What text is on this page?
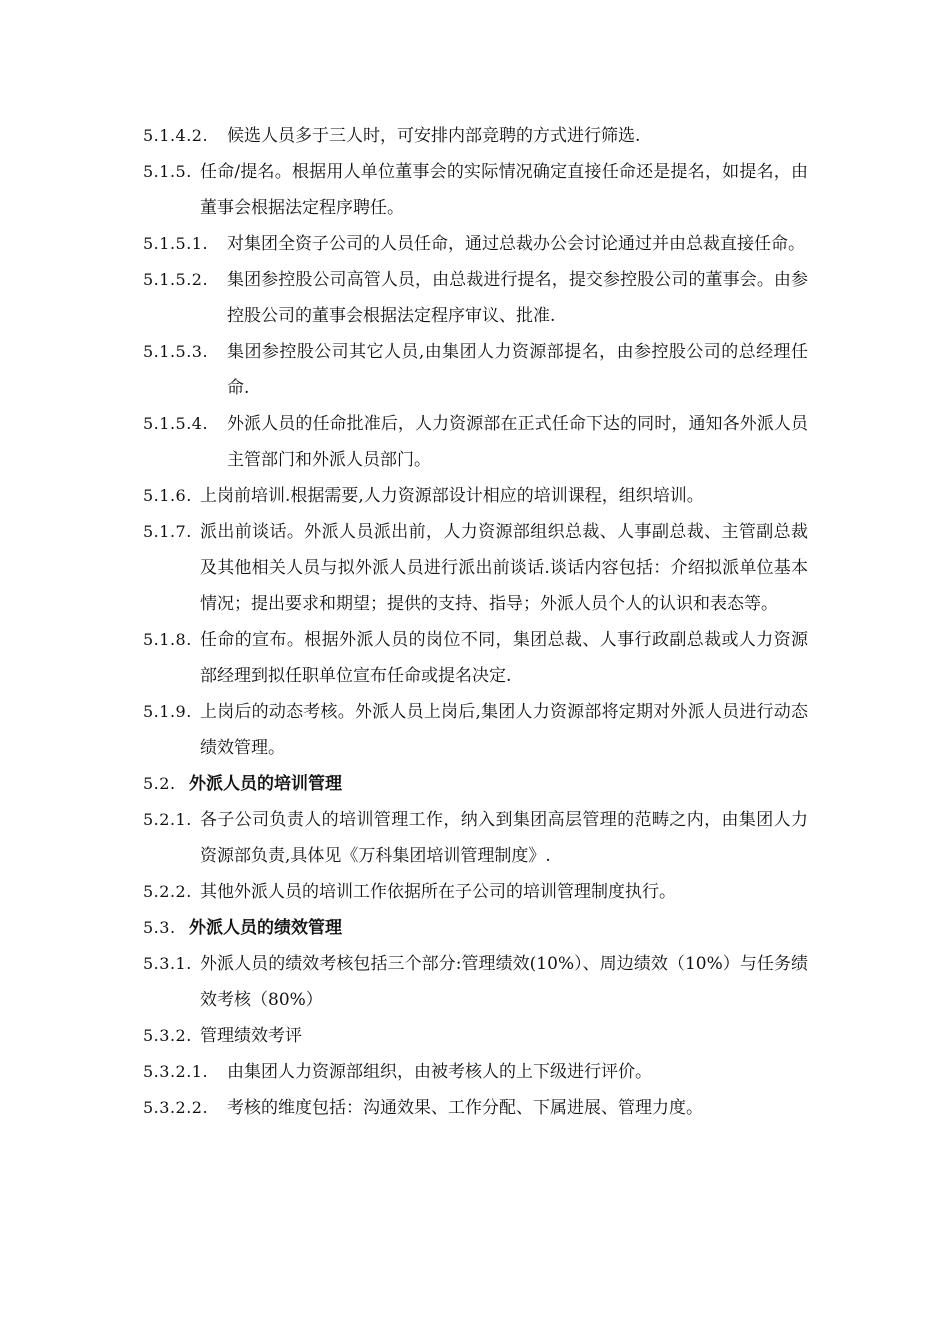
5.1.4.2.	候选人员多于三人时，可安排内部竞聘的方式进行筛选.

5.1.5. 任命/提名。根据用人单位董事会的实际情况确定直接任命还是提名，如提名，由董事会根据法定程序聘任。

5.1.5.1.	对集团全资子公司的人员任命，通过总裁办公会讨论通过并由总裁直接任命。

5.1.5.2.	集团参控股公司高管人员，由总裁进行提名，提交参控股公司的董事会。由参控股公司的董事会根据法定程序审议、批准.

5.1.5.3.	集团参控股公司其它人员,由集团人力资源部提名，由参控股公司的总经理任命.

5.1.5.4.	外派人员的任命批准后，人力资源部在正式任命下达的同时，通知各外派人员主管部门和外派人员部门。

5.1.6. 上岗前培训.根据需要,人力资源部设计相应的培训课程，组织培训。

5.1.7. 派出前谈话。外派人员派出前，人力资源部组织总裁、人事副总裁、主管副总裁及其他相关人员与拟外派人员进行派出前谈话.谈话内容包括：介绍拟派单位基本情况；提出要求和期望；提供的支持、指导；外派人员个人的认识和表态等。

5.1.8. 任命的宣布。根据外派人员的岗位不同，集团总裁、人事行政副总裁或人力资源部经理到拟任职单位宣布任命或提名决定.

5.1.9. 上岗后的动态考核。外派人员上岗后,集团人力资源部将定期对外派人员进行动态绩效管理。

5.2. 外派人员的培训管理

5.2.1. 各子公司负责人的培训管理工作，纳入到集团高层管理的范畴之内，由集团人力资源部负责,具体见《万科集团培训管理制度》.

5.2.2. 其他外派人员的培训工作依据所在子公司的培训管理制度执行。

5.3. 外派人员的绩效管理

5.3.1. 外派人员的绩效考核包括三个部分:管理绩效(10%）、周边绩效（10%）与任务绩效考核（80%）

5.3.2. 管理绩效考评

5.3.2.1.	由集团人力资源部组织，由被考核人的上下级进行评价。

5.3.2.2.	考核的维度包括：沟通效果、工作分配、下属进展、管理力度。
